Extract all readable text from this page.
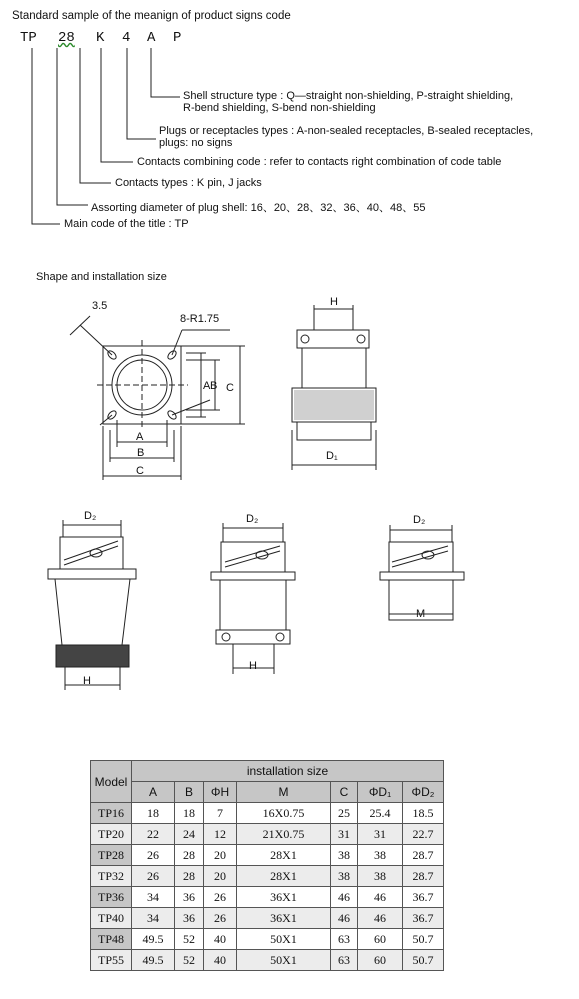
Standard sample of the meanign of product signs code
TP 28 K 4 A P
Shell structure type : Q—straight non-shielding, P-straight shielding,
R-bend shielding, S-bend non-shielding
Plugs or receptacles types : A-non-sealed receptacles, B-sealed receptacles,
plugs: no signs
Contacts combining code : refer to contacts right combination of code table
Contacts types : K pin, J jacks
Assorting diameter of plug shell: 16、20、28、32、36、40、48、55
Main code of the title : TP
Shape and installation size
3.5
8-R1.75
A
B
C
A B C
H
D₁
D₂
H
D₂
H
D₂
M
Model	installation size						
	A	B	ΦH	M	C	ΦD₁	ΦD₂
TP16	18	18	7	16X0.75	25	25.4	18.5
TP20	22	24	12	21X0.75	31	31	22.7
TP28	26	28	20	28X1	38	38	28.7
TP32	26	28	20	28X1	38	38	28.7
TP36	34	36	26	36X1	46	46	36.7
TP40	34	36	26	36X1	46	46	36.7
TP48	49.5	52	40	50X1	63	60	50.7
TP55	49.5	52	40	50X1	63	60	50.7
